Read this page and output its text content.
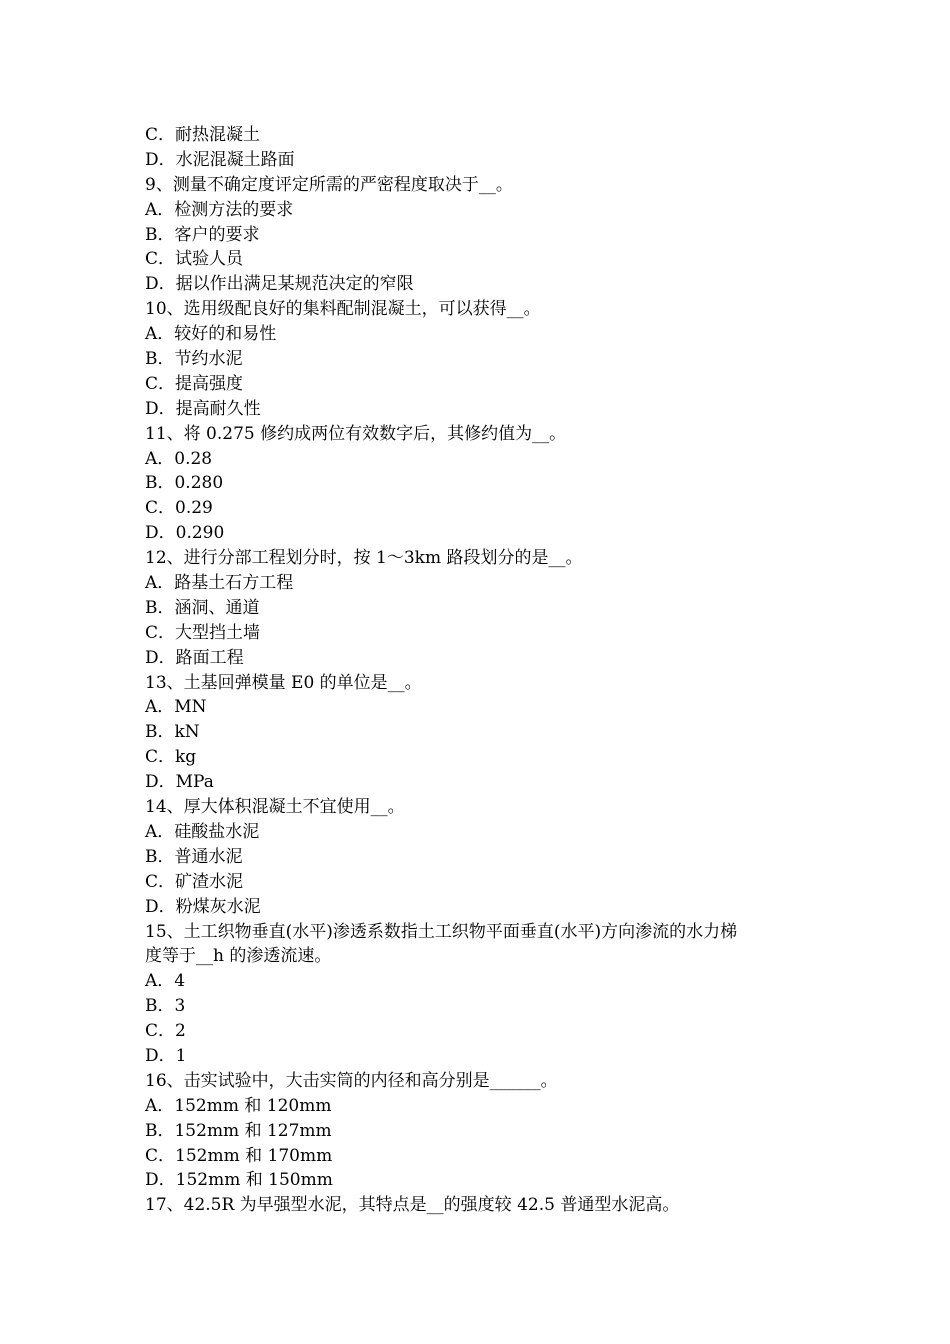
C．耐热混凝土
D．水泥混凝土路面
9、测量不确定度评定所需的严密程度取决于__。
A．检测方法的要求
B．客户的要求
C．试验人员
D．据以作出满足某规范决定的窄限
10、选用级配良好的集料配制混凝土，可以获得__。
A．较好的和易性
B．节约水泥
C．提高强度
D．提高耐久性
11、将 0.275 修约成两位有效数字后，其修约值为__。
A．0.28
B．0.280
C．0.29
D．0.290
12、进行分部工程划分时，按 1～3km 路段划分的是__。
A．路基土石方工程
B．涵洞、通道
C．大型挡土墙
D．路面工程
13、土基回弹模量 E0 的单位是__。
A．MN
B．kN
C．kg
D．MPa
14、厚大体积混凝土不宜使用__。
A．硅酸盐水泥
B．普通水泥
C．矿渣水泥
D．粉煤灰水泥
15、土工织物垂直(水平)渗透系数指土工织物平面垂直(水平)方向渗流的水力梯
度等于__h 的渗透流速。
A．4
B．3
C．2
D．1
16、击实试验中，大击实筒的内径和高分别是______。
A．152mm 和 120mm
B．152mm 和 127mm
C．152mm 和 170mm
D．152mm 和 150mm
17、42.5R 为早强型水泥，其特点是__的强度较 42.5 普通型水泥高。
